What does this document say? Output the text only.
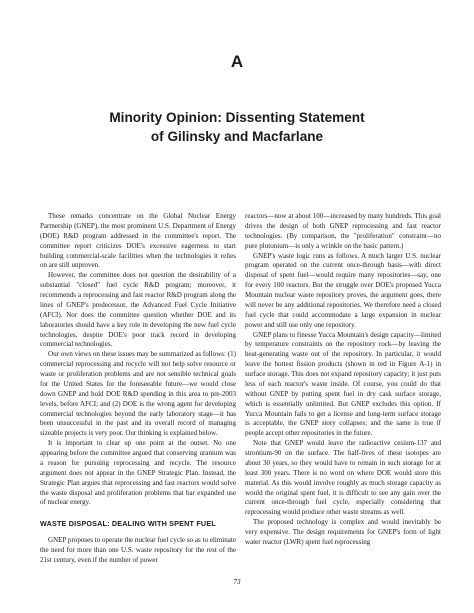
A
Minority Opinion: Dissenting Statement
of Gilinsky and Macfarlane

These remarks concentrate on the Global Nuclear Energy Partnership (GNEP), the most prominent U.S. Department of Energy (DOE) R&D program addressed in the committee's report. The committee report criticizes DOE's excessive eagerness to start building commercial-scale facilities when the technologies it relies on are still unproven.

However, the committee does not question the desirability of a substantial "closed" fuel cycle R&D program; moreover, it recommends a reprocessing and fast reactor R&D program along the lines of GNEP's predecessor, the Advanced Fuel Cycle Initiative (AFCI). Nor does the committee question whether DOE and its laboratories should have a key role in developing the new fuel cycle technologies, despite DOE's poor track record in developing commercial technologies.

Our own views on these issues may be summarized as follows: (1) commercial reprocessing and recycle will not help solve resource or waste or proliferation problems and are not sensible technical goals for the United States for the foreseeable future—we would close down GNEP and hold DOE R&D spending in this area to pre-2003 levels, before AFCI; and (2) DOE is the wrong agent for developing commercial technologies beyond the early laboratory stage—it has been unsuccessful in the past and its overall record of managing sizeable projects is very poor. Our thinking is explained below.

It is important to clear up one point at the outset. No one appearing before the committee argued that conserving uranium was a reason for pursuing reprocessing and recycle. The resource argument does not appear in the GNEP Strategic Plan. Instead, the Strategic Plan argues that reprocessing and fast reactors would solve the waste disposal and proliferation problems that bar expanded use of nuclear energy.

WASTE DISPOSAL: DEALING WITH SPENT FUEL

GNEP proposes to operate the nuclear fuel cycle so as to eliminate the need for more than one U.S. waste repository for the rest of the 21st century, even if the number of power

reactors—now at about 100—increased by many hundreds. This goal drives the design of both GNEP reprocessing and fast reactor technologies. (By comparison, the "proliferation" constraint—no pure plutonium—is only a wrinkle on the basic pattern.)

GNEP's waste logic runs as follows. A much larger U.S. nuclear program operated on the current once-through basis—with direct disposal of spent fuel—would require many repositories—say, one for every 100 reactors. But the struggle over DOE's proposed Yucca Mountain nuclear waste repository proves, the argument goes, there will never be any additional repositories. We therefore need a closed fuel cycle that could accommodate a large expansion in nuclear power and still use only one repository.

GNEP plans to finesse Yucca Mountain's design capacity—limited by temperature constraints on the repository rock—by leaving the heat-generating waste out of the repository. In particular, it would leave the hottest fission products (shown in red in Figure A-1) in surface storage. This does not expand repository capacity; it just puts less of each reactor's waste inside. Of course, you could do that without GNEP by putting spent fuel in dry cask surface storage, which is essentially unlimited. But GNEP excludes this option. If Yucca Mountain fails to get a license and long-term surface storage is acceptable, the GNEP story collapses; and the same is true if people accept other repositories in the future.

Note that GNEP would leave the radioactive cesium-137 and strontium-90 on the surface. The half-lives of these isotopes are about 30 years, so they would have to remain in such storage for at least 300 years. There is no word on where DOE would store this material. As this would involve roughly as much storage capacity as would the original spent fuel, it is difficult to see any gain over the current once-through fuel cycle, especially considering that reprocessing would produce other waste streams as well.

The proposed technology is complex and would inevitably be very expensive. The design requirements for GNEP's form of light water reactor (LWR) spent fuel reprocessing

73
